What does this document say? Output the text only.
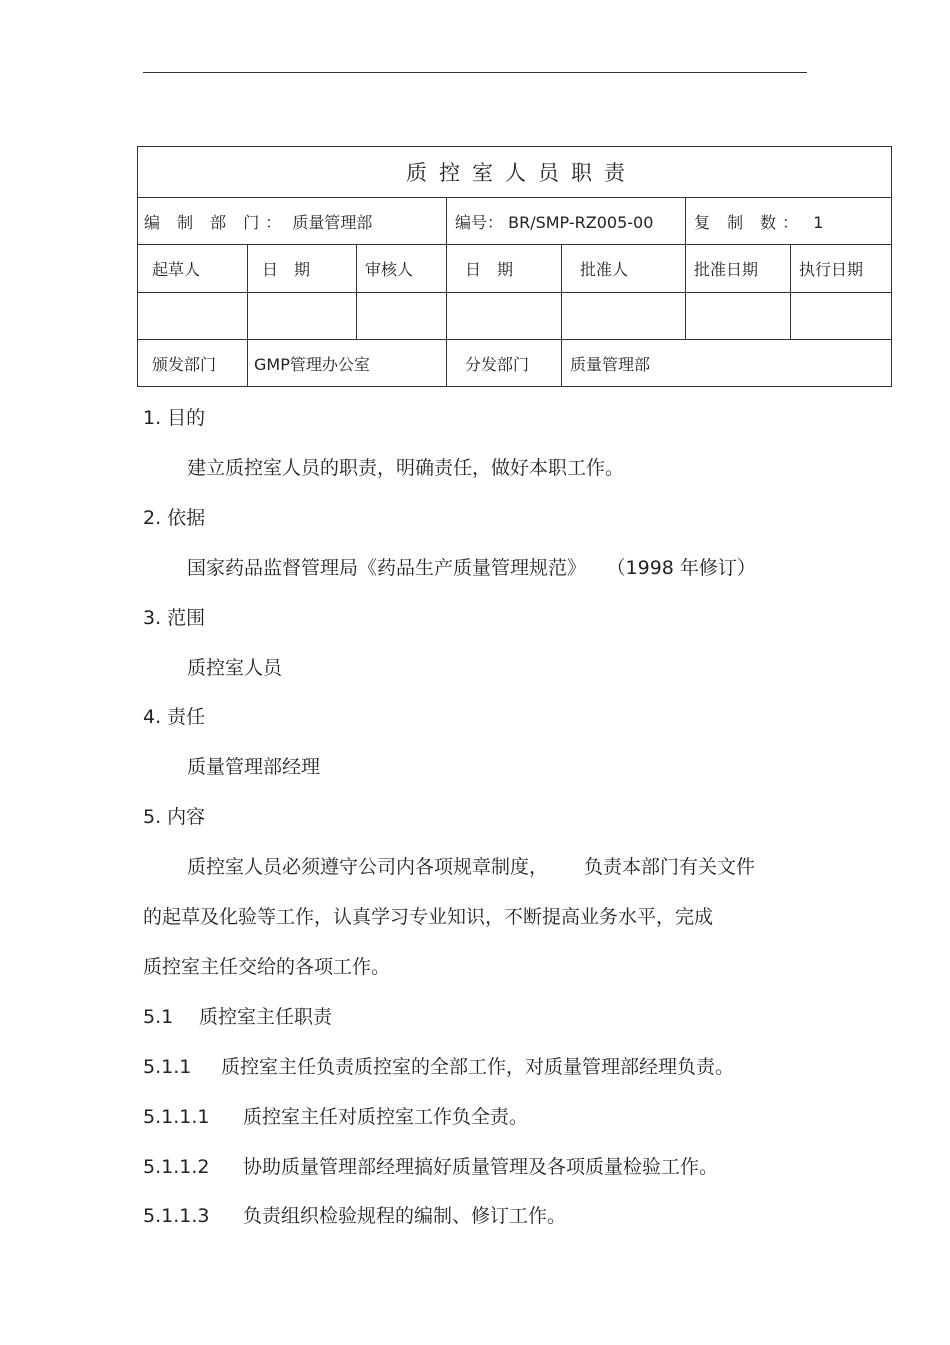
质控室人员职责						
编 制 部 门： 质量管理部			编号： BR/SMP-RZ005-00		复 制 数： 1	
起草人	日　期	审核人	日　期	批准人	批准日期	执行日期

颁发部门	GMP管理办公室		分发部门	质量管理部		
1. 目的
建立质控室人员的职责，明确责任，做好本职工作。
2. 依据
国家药品监督管理局《药品生产质量管理规范》 （1998 年修订）
3. 范围
质控室人员
4. 责任
质量管理部经理
5. 内容
质控室人员必须遵守公司内各项规章制度， 负责本部门有关文件
的起草及化验等工作，认真学习专业知识，不断提高业务水平，完成
质控室主任交给的各项工作。
5.1 质控室主任职责
5.1.1 质控室主任负责质控室的全部工作，对质量管理部经理负责。
5.1.1.1 质控室主任对质控室工作负全责。
5.1.1.2 协助质量管理部经理搞好质量管理及各项质量检验工作。
5.1.1.3 负责组织检验规程的编制、修订工作。
